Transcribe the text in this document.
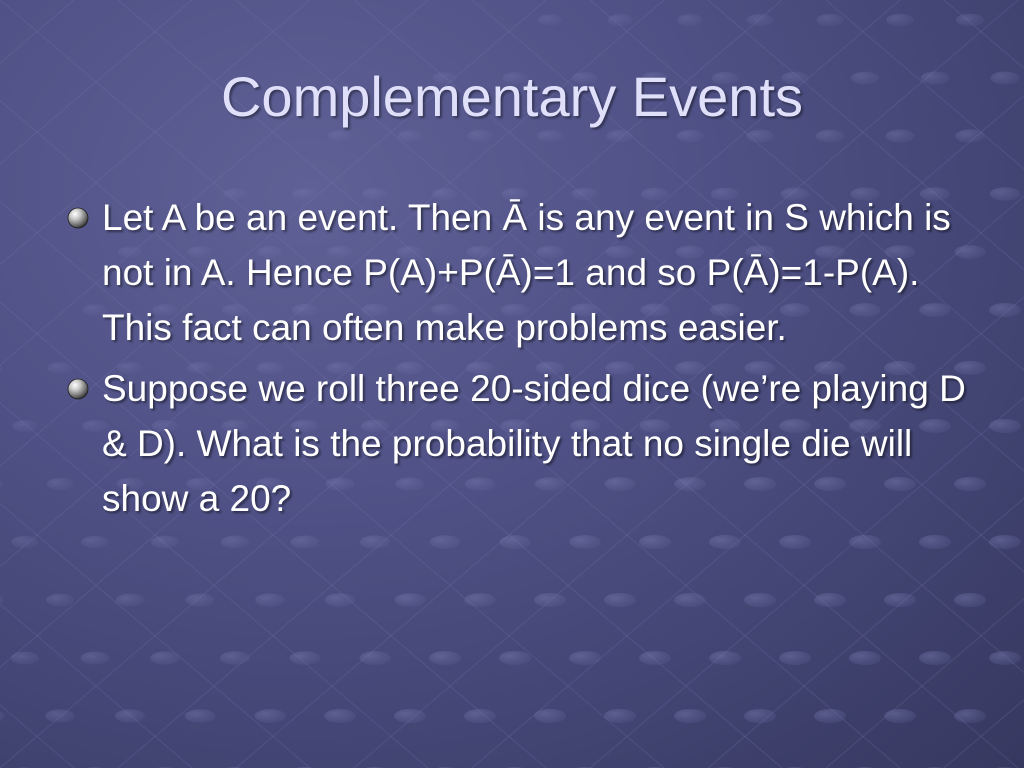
Complementary Events
Let A be an event. Then Ā is any event in S which is not in A. Hence P(A)+P(Ā)=1 and so P(Ā)=1-P(A). This fact can often make problems easier.
Suppose we roll three 20-sided dice (we’re playing D & D). What is the probability that no single die will show a 20?
